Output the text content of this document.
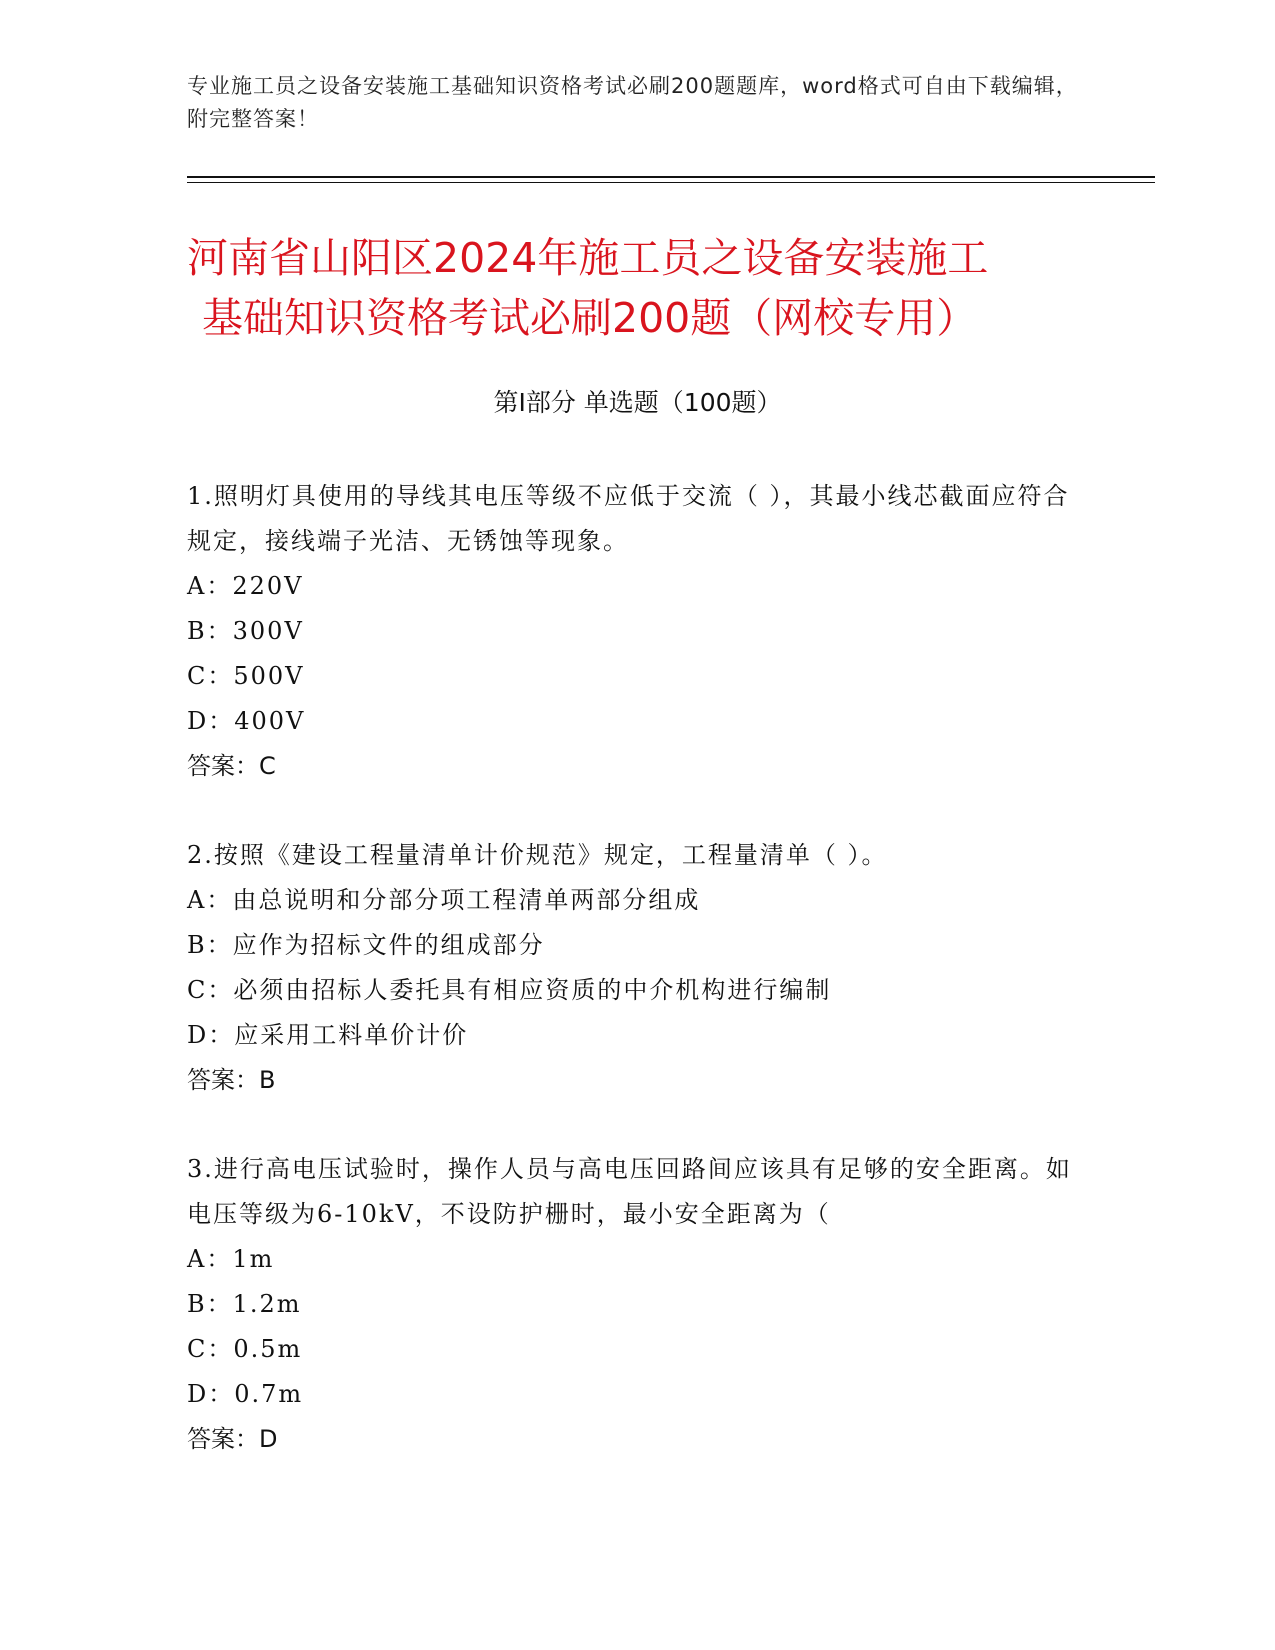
专业施工员之设备安装施工基础知识资格考试必刷200题题库，word格式可自由下载编辑，附完整答案！

河南省山阳区2024年施工员之设备安装施工
基础知识资格考试必刷200题（网校专用）
第I部分 单选题（100题）

1.照明灯具使用的导线其电压等级不应低于交流（ ），其最小线芯截面应符合规定，接线端子光洁、无锈蚀等现象。

A：220V

B：300V

C：500V

D：400V

答案：C

2.按照《建设工程量清单计价规范》规定，工程量清单（ ）。

A：由总说明和分部分项工程清单两部分组成

B：应作为招标文件的组成部分

C：必须由招标人委托具有相应资质的中介机构进行编制

D：应采用工料单价计价

答案：B

3.进行高电压试验时，操作人员与高电压回路间应该具有足够的安全距离。如电压等级为6-10kV，不设防护栅时，最小安全距离为（

A：1m

B：1.2m

C：0.5m

D：0.7m

答案：D
